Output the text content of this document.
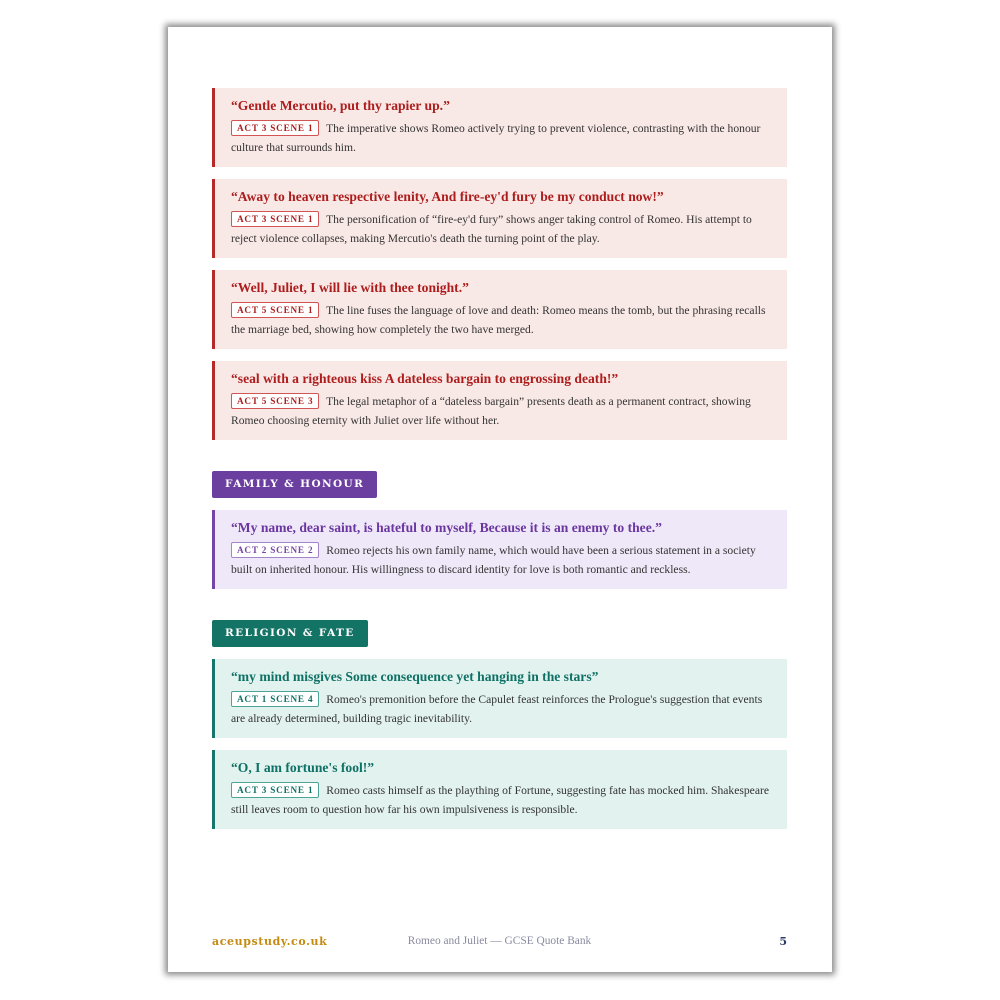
“Gentle Mercutio, put thy rapier up.”

ACT 3 SCENE 1 The imperative shows Romeo actively trying to prevent violence, contrasting with the honour culture that surrounds him.

“Away to heaven respective lenity, And fire-ey'd fury be my conduct now!”

ACT 3 SCENE 1 The personification of “fire-ey'd fury” shows anger taking control of Romeo. His attempt to reject violence collapses, making Mercutio's death the turning point of the play.

“Well, Juliet, I will lie with thee tonight.”

ACT 5 SCENE 1 The line fuses the language of love and death: Romeo means the tomb, but the phrasing recalls the marriage bed, showing how completely the two have merged.

“seal with a righteous kiss A dateless bargain to engrossing death!”

ACT 5 SCENE 3 The legal metaphor of a “dateless bargain” presents death as a permanent contract, showing Romeo choosing eternity with Juliet over life without her.

FAMILY & HONOUR

“My name, dear saint, is hateful to myself, Because it is an enemy to thee.”

ACT 2 SCENE 2 Romeo rejects his own family name, which would have been a serious statement in a society built on inherited honour. His willingness to discard identity for love is both romantic and reckless.

RELIGION & FATE

“my mind misgives Some consequence yet hanging in the stars”

ACT 1 SCENE 4 Romeo's premonition before the Capulet feast reinforces the Prologue's suggestion that events are already determined, building tragic inevitability.

“O, I am fortune's fool!”

ACT 3 SCENE 1 Romeo casts himself as the plaything of Fortune, suggesting fate has mocked him. Shakespeare still leaves room to question how far his own impulsiveness is responsible.

aceupstudy.co.uk	Romeo and Juliet — GCSE Quote Bank	5
